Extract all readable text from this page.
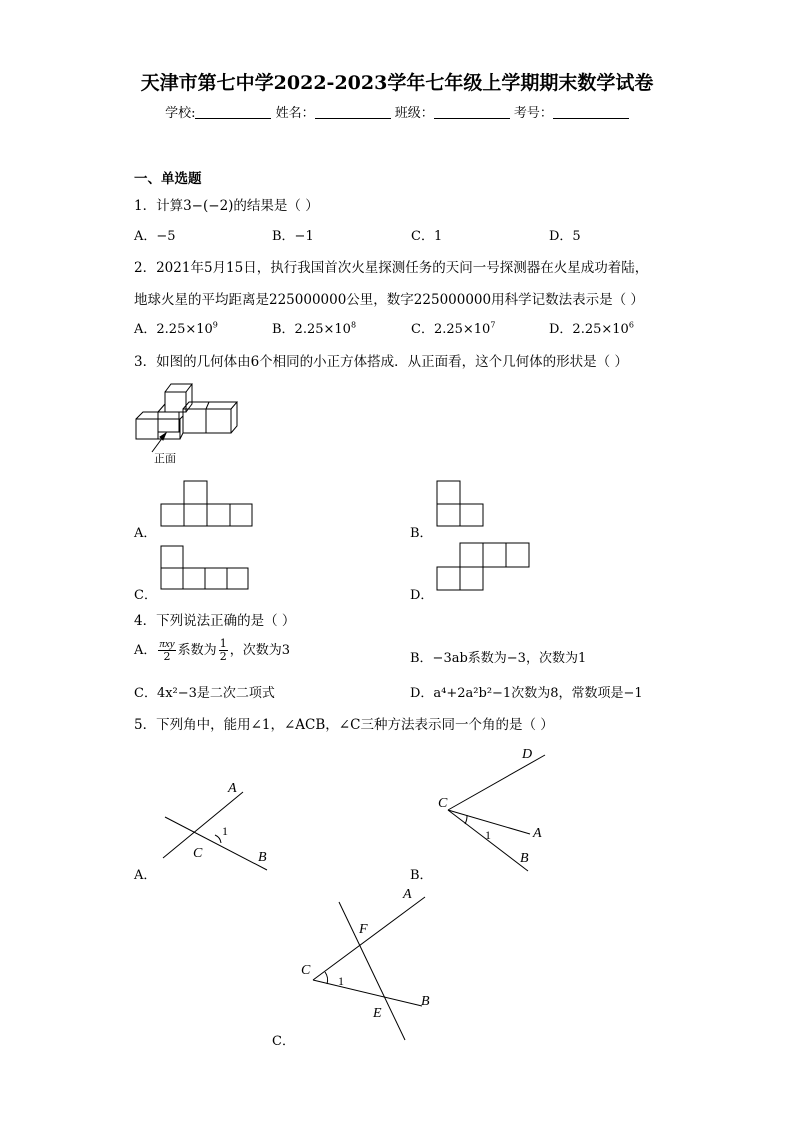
天津市第七中学2022-2023学年七年级上学期期末数学试卷
学校:	姓名：	班级：	考号：
一、单选题
1．计算3−(−2)的结果是（ ）
A．−5	B．−1	C．1	D．5
2．2021年5月15日，执行我国首次火星探测任务的天问一号探测器在火星成功着陆，
地球火星的平均距离是225000000公里，数字225000000用科学记数法表示是（ ）
A．$2.25\times 10^9$	B．$2.25\times 10^8$	C．$2.25\times 10^7$	D．$2.25\times 10^6$
3．如图的几何体由6个相同的小正方体搭成．从正面看，这个几何体的形状是（ ）
正面
A．	B．
C．	D．
4．下列说法正确的是（ ）
A． $\frac{\text{πxy}}{2}$ 系数为 $\frac{1}{2}$ ，次数为3
B．−3ab系数为−3，次数为1
C．4x²−3是二次二项式	D．a⁴+2a²b²−1次数为8，常数项是−1
5．下列角中，能用∠1，∠ACB，∠C三种方法表示同一个角的是（ ）
A
B
C
1
A．
D
C
A
B
1
B．
A
F
C
B
E
1
C．
